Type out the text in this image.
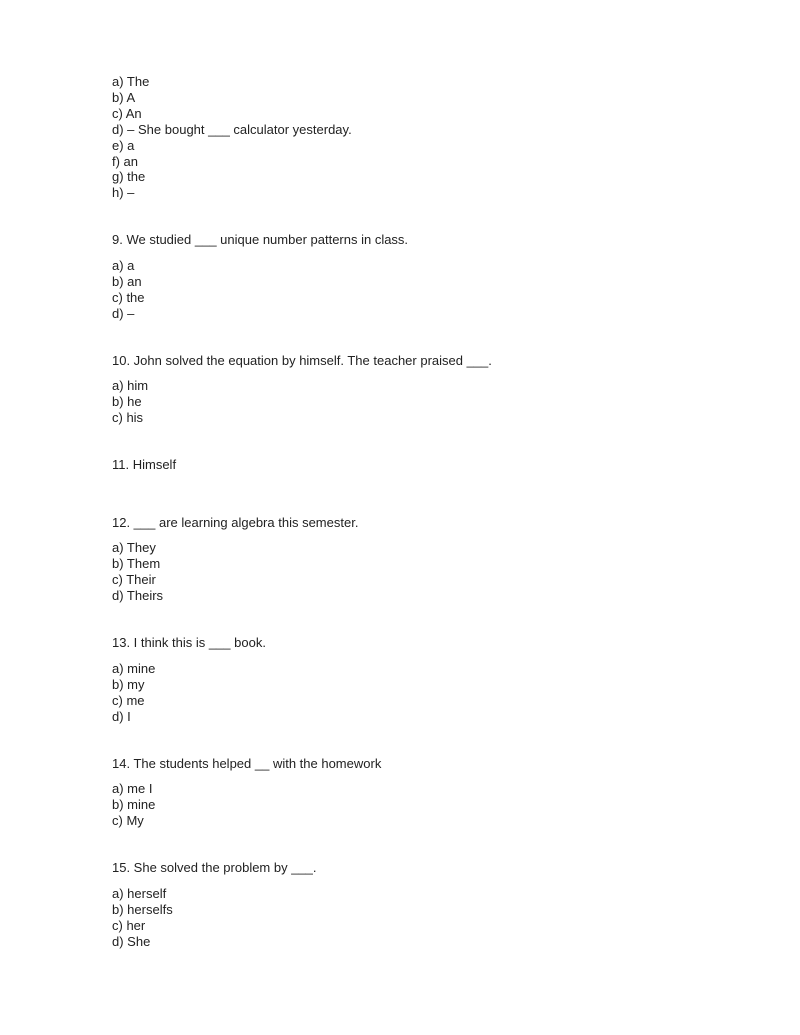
a) The
b) A
c) An
d) – She bought ___ calculator yesterday.
e) a
f) an
g) the
h) –

9. We studied ___ unique number patterns in class.

a) a
b) an
c) the
d) –

10. John solved the equation by himself. The teacher praised ___.

a) him
b) he
c) his

11. Himself

12. ___ are learning algebra this semester.

a) They
b) Them
c) Their
d) Theirs

13. I think this is ___ book.

a) mine
b) my
c) me
d) I

14. The students helped __ with the homework

a) me I
b) mine
c) My

15. She solved the problem by ___.

a) herself
b) herselfs
c) her
d) She
